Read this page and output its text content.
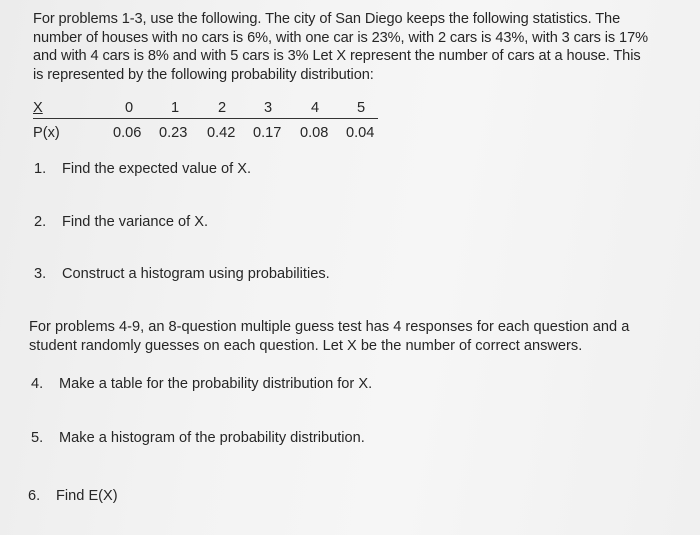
For problems 1-3, use the following. The city of San Diego keeps the following statistics. The
number of houses with no cars is 6%, with one car is 23%, with 2 cars is 43%, with 3 cars is 17%
and with 4 cars is 8% and with 5 cars is 3% Let X represent the number of cars at a house. This
is represented by the following probability distribution:
X	0	1	2	3	4	5
P(x)	0.06 0.23 0.42 0.17 0.08 0.04
1. Find the expected value of X.
2. Find the variance of X.
3. Construct a histogram using probabilities.
For problems 4-9, an 8-question multiple guess test has 4 responses for each question and a
student randomly guesses on each question. Let X be the number of correct answers.
4. Make a table for the probability distribution for X.
5. Make a histogram of the probability distribution.
6. Find E(X)
